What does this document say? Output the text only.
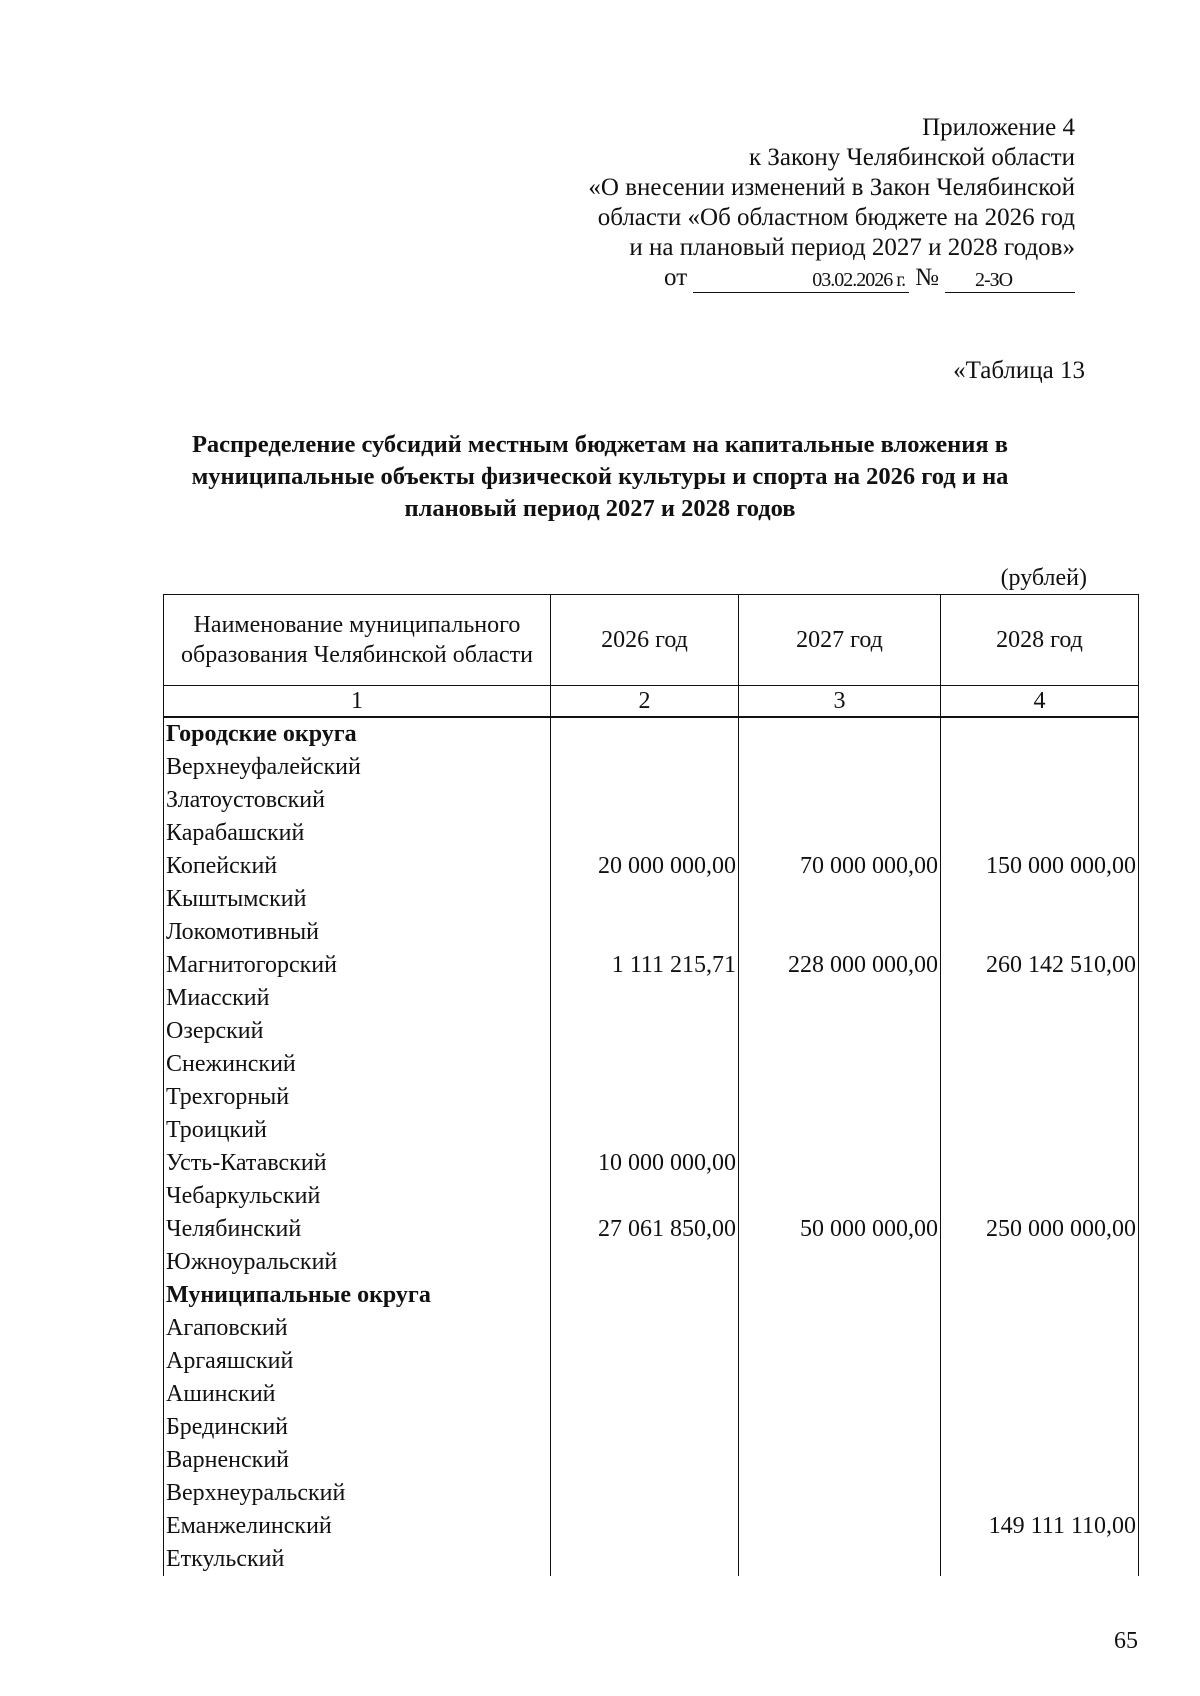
Приложение 4
к Закону Челябинской области
«О внесении изменений в Закон Челябинской
области «Об областном бюджете на 2026 год
и на плановый период 2027 и 2028 годов»
от	03.02.2026 г. №	2-ЗО
«Таблица 13
Распределение субсидий местным бюджетам на капитальные вложения в муниципальные объекты физической культуры и спорта на 2026 год и на плановый период 2027 и 2028 годов
(рублей)
Наименование муниципального образования Челябинской области	2026 год	2027 год	2028 год
1	2	3	4
Городские округа			
Верхнеуфалейский			
Златоустовский			
Карабашский			
Копейский	20 000 000,00	70 000 000,00	150 000 000,00
Кыштымский			
Локомотивный			
Магнитогорский	1 111 215,71	228 000 000,00	260 142 510,00
Миасский			
Озерский			
Снежинский			
Трехгорный			
Троицкий			
Усть-Катавский	10 000 000,00		
Чебаркульский			
Челябинский	27 061 850,00	50 000 000,00	250 000 000,00
Южноуральский			
Муниципальные округа			
Агаповский			
Аргаяшский			
Ашинский			
Брединский			
Варненский			
Верхнеуральский			
Еманжелинский			149 111 110,00
Еткульский			
65
